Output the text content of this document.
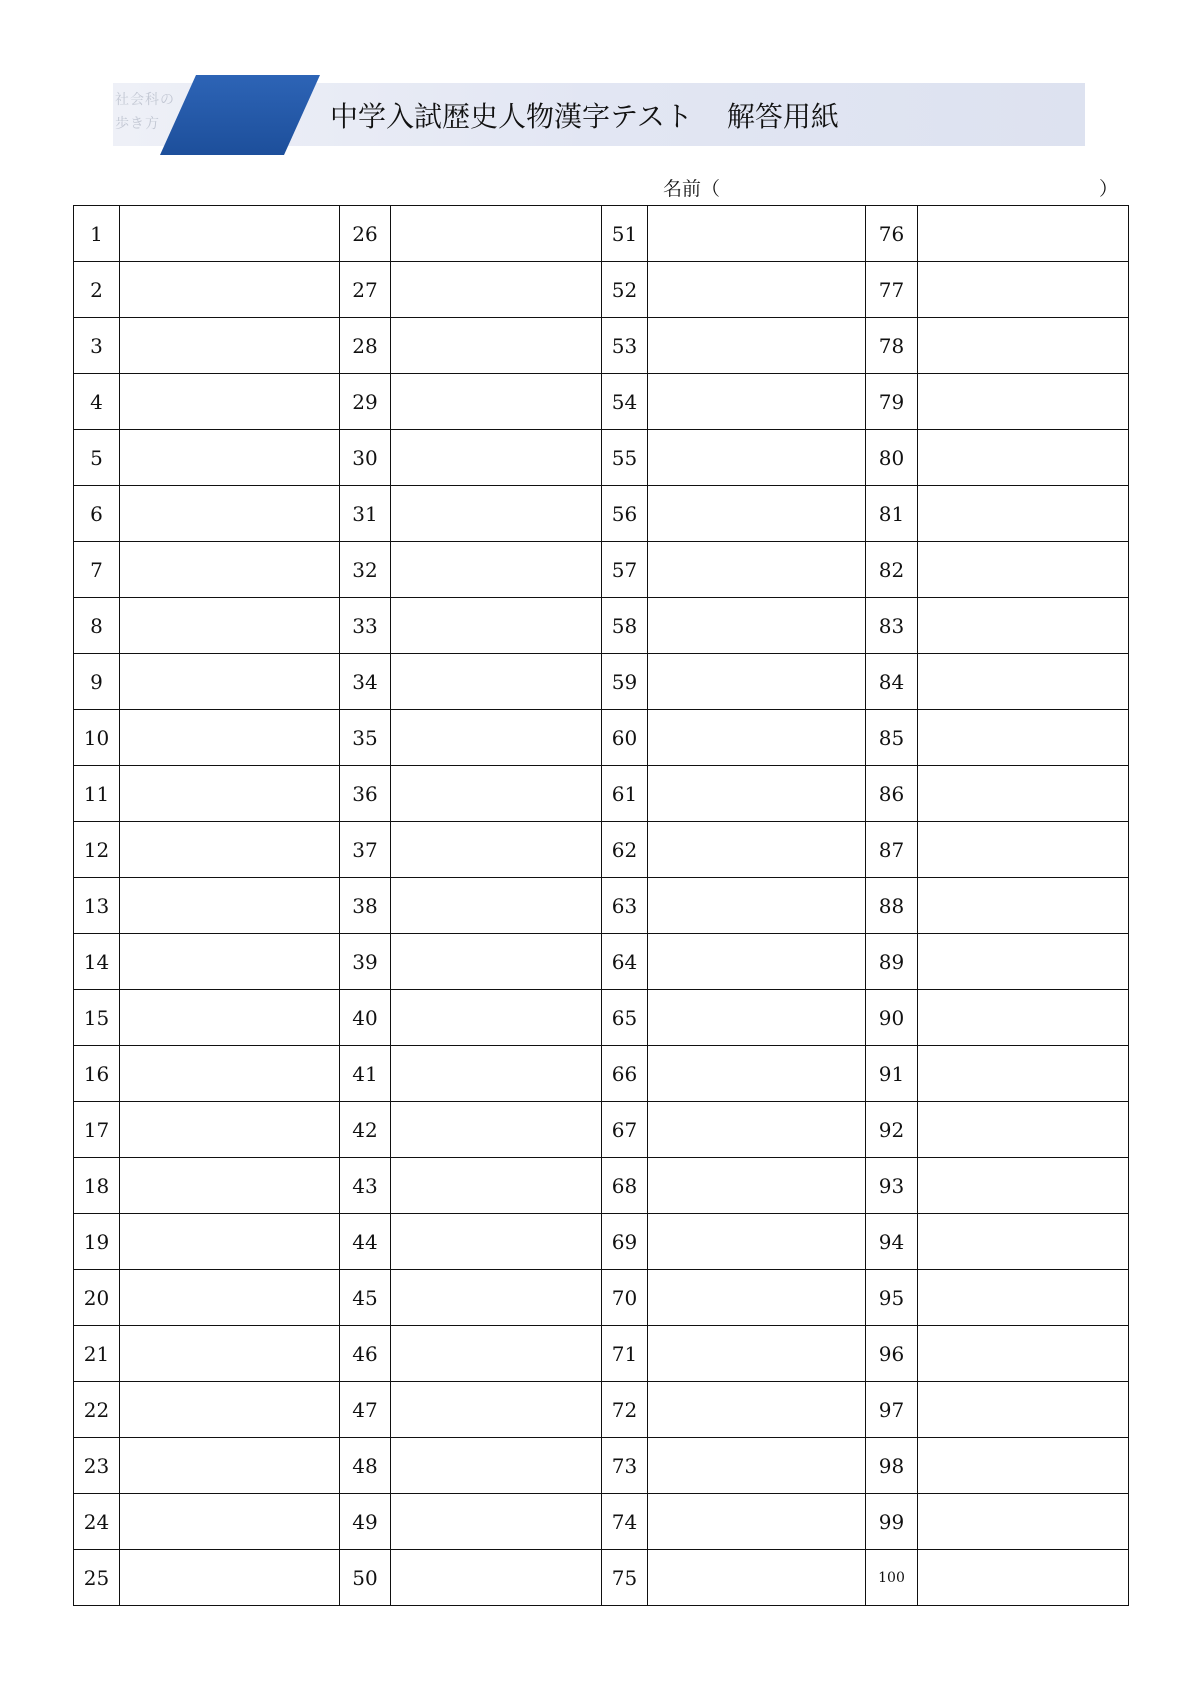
社会科の
歩き方	中学入試歴史人物漢字テスト 解答用紙
名前（	）
1		26		51		76	
2		27		52		77	
3		28		53		78	
4		29		54		79	
5		30		55		80	
6		31		56		81	
7		32		57		82	
8		33		58		83	
9		34		59		84	
10		35		60		85	
11		36		61		86	
12		37		62		87	
13		38		63		88	
14		39		64		89	
15		40		65		90	
16		41		66		91	
17		42		67		92	
18		43		68		93	
19		44		69		94	
20		45		70		95	
21		46		71		96	
22		47		72		97	
23		48		73		98	
24		49		74		99	
25		50		75		100	
